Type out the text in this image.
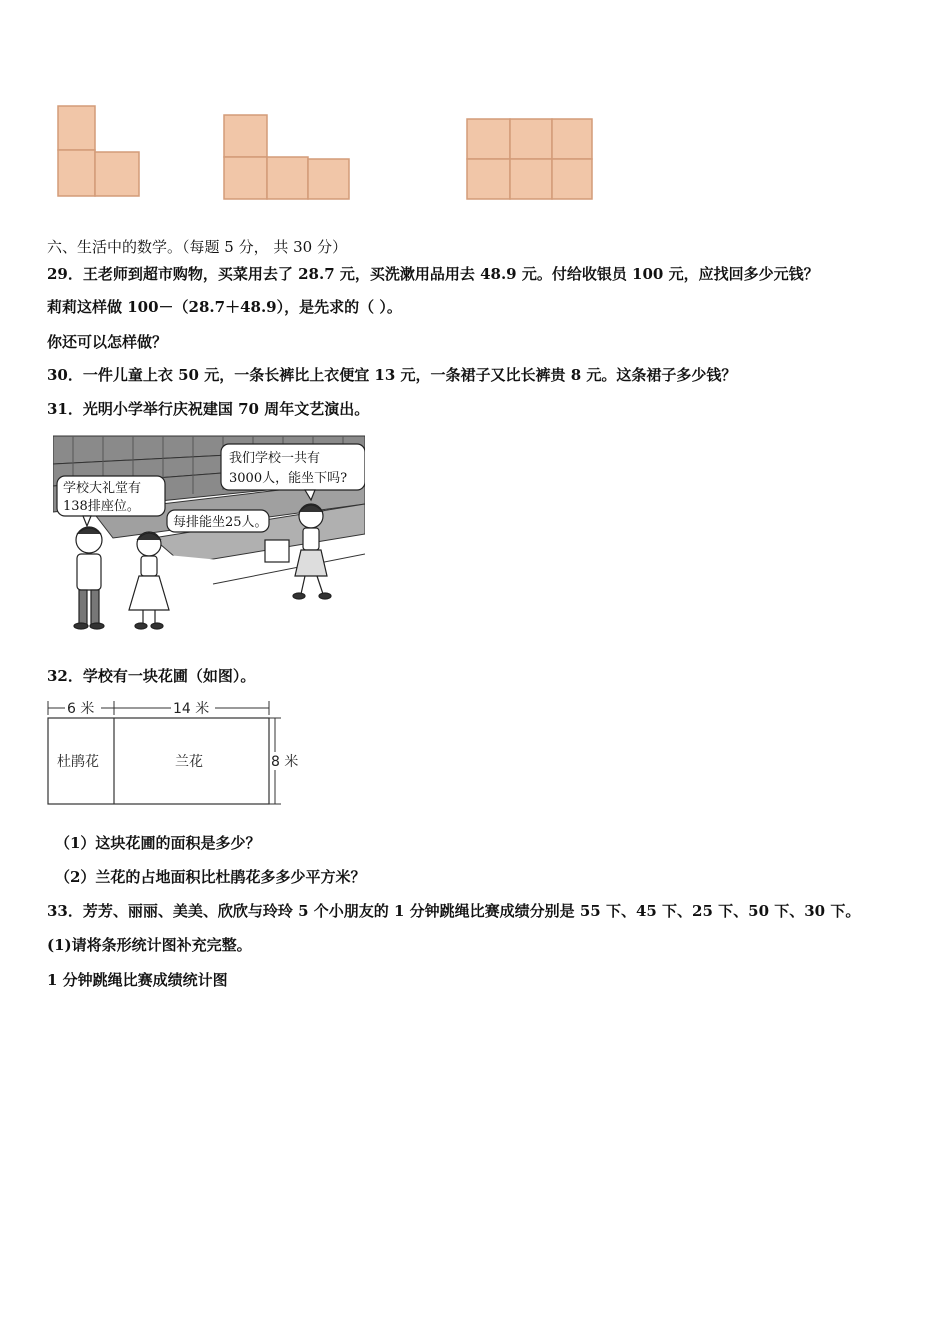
六、生活中的数学。（每题 5 分， 共 30 分）
29．王老师到超市购物，买菜用去了 28.7 元，买洗漱用品用去 48.9 元。付给收银员 100 元，应找回多少元钱？
莉莉这样做 100－（28.7＋48.9），是先求的（ ）。
你还可以怎样做？
30．一件儿童上衣 50 元，一条长裤比上衣便宜 13 元，一条裙子又比长裤贵 8 元。这条裙子多少钱？
31．光明小学举行庆祝建国 70 周年文艺演出。
学校大礼堂有
138排座位。
每排能坐25人。
我们学校一共有
3000人，能坐下吗?
32．学校有一块花圃（如图）。
6 米	14 米
杜鹃花	兰花	8 米
（1）这块花圃的面积是多少？
（2）兰花的占地面积比杜鹃花多多少平方米？
33．芳芳、丽丽、美美、欣欣与玲玲 5 个小朋友的 1 分钟跳绳比赛成绩分别是 55 下、45 下、25 下、50 下、30 下。
(1)请将条形统计图补充完整。
1 分钟跳绳比赛成绩统计图
